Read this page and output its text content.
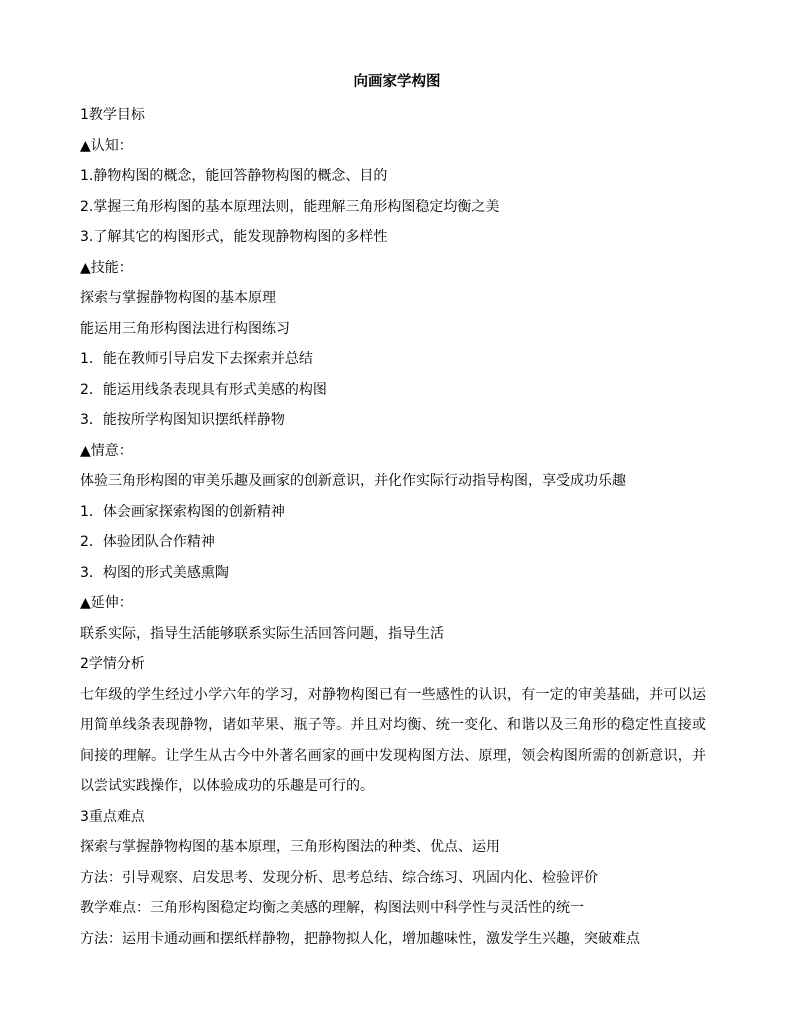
向画家学构图
1教学目标
▲认知：
1.静物构图的概念，能回答静物构图的概念、目的
2.掌握三角形构图的基本原理法则，能理解三角形构图稳定均衡之美
3.了解其它的构图形式，能发现静物构图的多样性
▲技能：
探索与掌握静物构图的基本原理
能运用三角形构图法进行构图练习
1．能在教师引导启发下去探索并总结
2．能运用线条表现具有形式美感的构图
3．能按所学构图知识摆纸样静物
▲情意：
体验三角形构图的审美乐趣及画家的创新意识，并化作实际行动指导构图，享受成功乐趣
1．体会画家探索构图的创新精神
2．体验团队合作精神
3．构图的形式美感熏陶
▲延伸：
联系实际，指导生活能够联系实际生活回答问题，指导生活
2学情分析
七年级的学生经过小学六年的学习，对静物构图已有一些感性的认识，有一定的审美基础，并可以运用简单线条表现静物，诸如苹果、瓶子等。并且对均衡、统一变化、和谐以及三角形的稳定性直接或间接的理解。让学生从古今中外著名画家的画中发现构图方法、原理，领会构图所需的创新意识，并以尝试实践操作，以体验成功的乐趣是可行的。
3重点难点
探索与掌握静物构图的基本原理，三角形构图法的种类、优点、运用
方法：引导观察、启发思考、发现分析、思考总结、综合练习、巩固内化、检验评价
教学难点：三角形构图稳定均衡之美感的理解，构图法则中科学性与灵活性的统一
方法：运用卡通动画和摆纸样静物，把静物拟人化，增加趣味性，激发学生兴趣，突破难点
